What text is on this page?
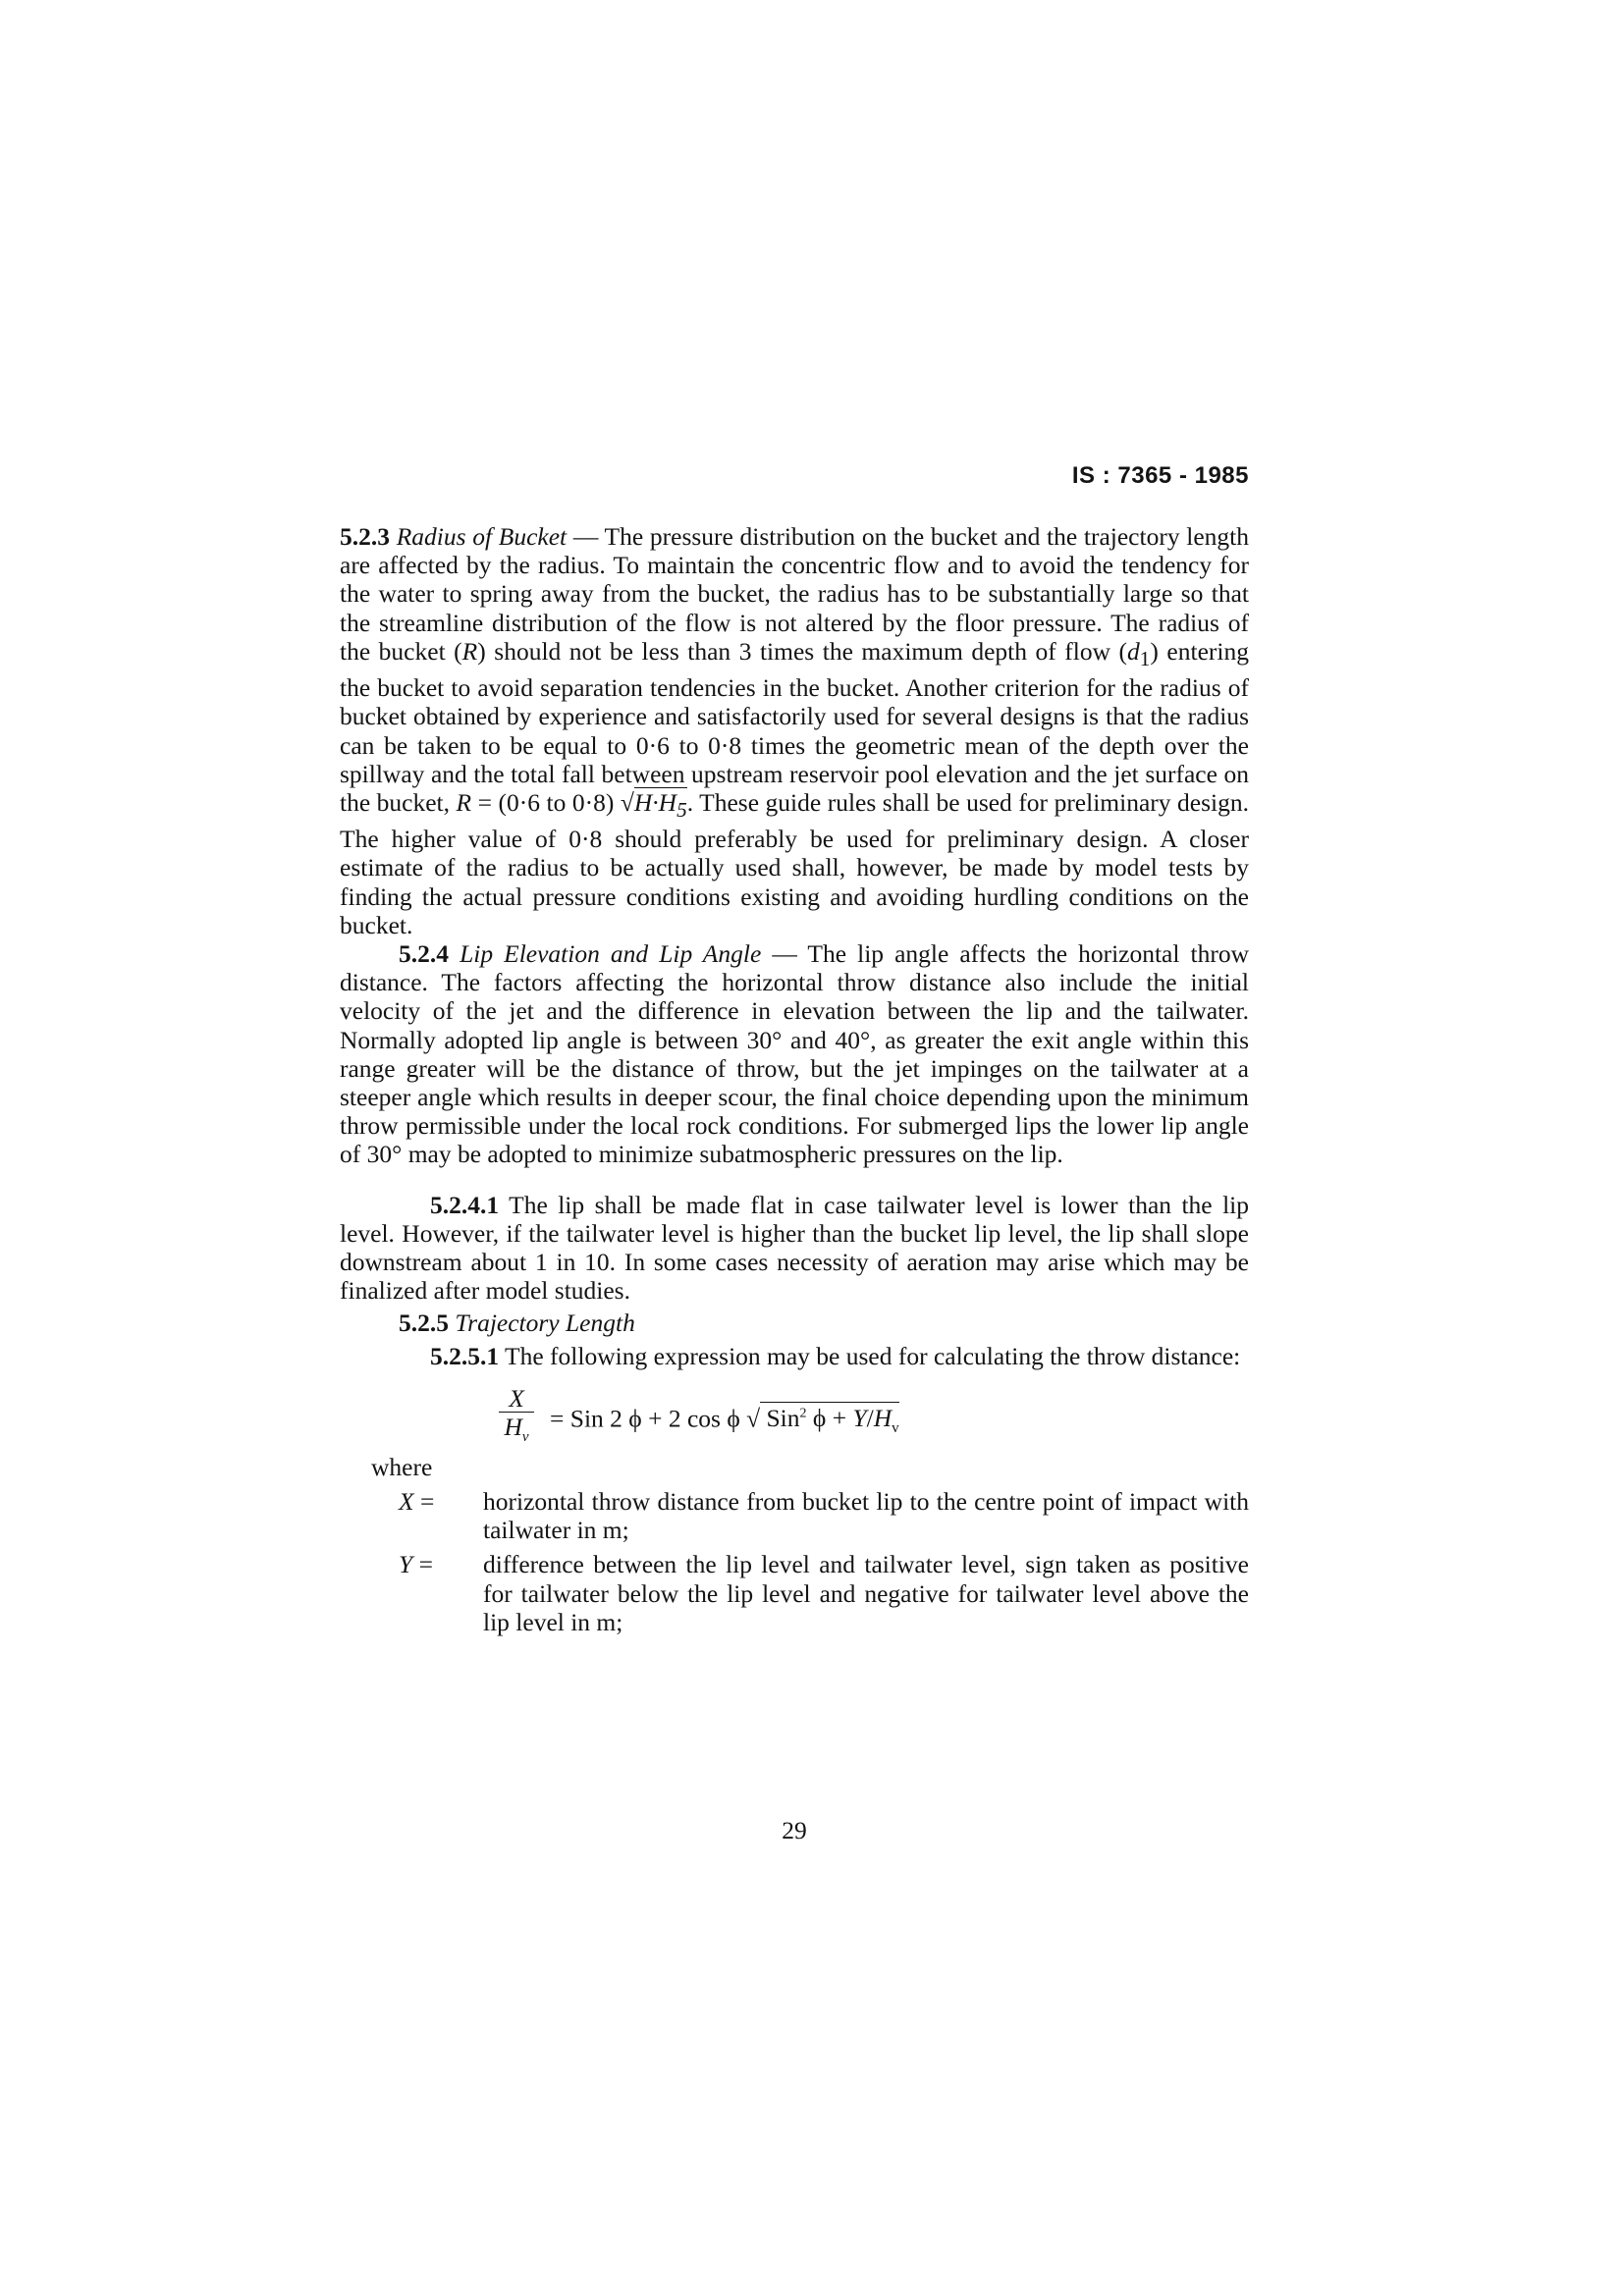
IS : 7365 - 1985

5.2.3 Radius of Bucket — The pressure distribution on the bucket and the trajectory length are affected by the radius. To maintain the concentric flow and to avoid the tendency for the water to spring away from the bucket, the radius has to be substantially large so that the streamline distribution of the flow is not altered by the floor pressure. The radius of the bucket (R) should not be less than 3 times the maximum depth of flow $(d_1)$ entering the bucket to avoid separation tendencies in the bucket. Another criterion for the radius of bucket obtained by experience and satisfactorily used for several designs is that the radius can be taken to be equal to 0·6 to 0·8 times the geometric mean of the depth over the spillway and the total fall between upstream reservoir pool elevation and the jet surface on the bucket, R = (0·6 to 0·8) $√H\cdot H_5$. These guide rules shall be used for preliminary design. The higher value of 0·8 should preferably be used for preliminary design. A closer estimate of the radius to be actually used shall, however, be made by model tests by finding the actual pressure conditions existing and avoiding hurdling conditions on the bucket.

5.2.4 Lip Elevation and Lip Angle — The lip angle affects the horizontal throw distance. The factors affecting the horizontal throw distance also include the initial velocity of the jet and the difference in elevation between the lip and the tailwater. Normally adopted lip angle is between 30° and 40°, as greater the exit angle within this range greater will be the distance of throw, but the jet impinges on the tailwater at a steeper angle which results in deeper scour, the final choice depending upon the minimum throw permissible under the local rock conditions. For submerged lips the lower lip angle of 30° may be adopted to minimize subatmospheric pressures on the lip.

5.2.4.1 The lip shall be made flat in case tailwater level is lower than the lip level. However, if the tailwater level is higher than the bucket lip level, the lip shall slope downstream about 1 in 10. In some cases necessity of aeration may arise which may be finalized after model studies.

5.2.5 Trajectory Length

5.2.5.1 The following expression may be used for calculating the throw distance:

X
$H_v$
= Sin 2 ϕ + 2 cos ϕ √ Sin$^2$ $\phi + Y/H_v$

where

X = horizontal throw distance from bucket lip to the centre point of impact with tailwater in m;
Y = difference between the lip level and tailwater level, sign taken as positive for tailwater below the lip level and negative for tailwater level above the lip level in m;
29
